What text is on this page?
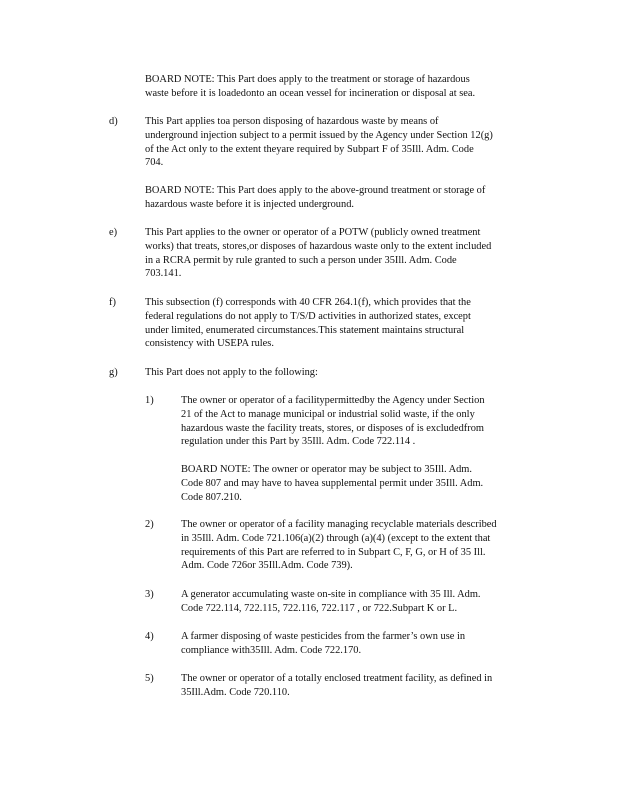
BOARD NOTE: This Part does apply to the treatment or storage of hazardous
waste before it is loadedonto an ocean vessel for incineration or disposal at sea.
d)	This Part applies toa person disposing of hazardous waste by means of
underground injection subject to a permit issued by the Agency under Section 12(g)
of the Act only to the extent theyare required by Subpart F of 35Ill. Adm. Code
704.
BOARD NOTE: This Part does apply to the above-ground treatment or storage of
hazardous waste before it is injected underground.
e)	This Part applies to the owner or operator of a POTW (publicly owned treatment
works) that treats, stores,or disposes of hazardous waste only to the extent included
in a RCRA permit by rule granted to such a person under 35Ill. Adm. Code
703.141.
f)	This subsection (f) corresponds with 40 CFR 264.1(f), which provides that the
federal regulations do not apply to T/S/D activities in authorized states, except
under limited, enumerated circumstances.This statement maintains structural
consistency with USEPA rules.
g)	This Part does not apply to the following:
1)	The owner or operator of a facilitypermittedby the Agency under Section
21 of the Act to manage municipal or industrial solid waste, if the only
hazardous waste the facility treats, stores, or disposes of is excludedfrom
regulation under this Part by 35Ill. Adm. Code 722.114 .
BOARD NOTE: The owner or operator may be subject to 35Ill. Adm.
Code 807 and may have to havea supplemental permit under 35Ill. Adm.
Code 807.210.
2)	The owner or operator of a facility managing recyclable materials described
in 35Ill. Adm. Code 721.106(a)(2) through (a)(4) (except to the extent that
requirements of this Part are referred to in Subpart C, F, G, or H of 35 Ill.
Adm. Code 726or 35Ill.Adm. Code 739).
3)	A generator accumulating waste on-site in compliance with 35 Ill. Adm.
Code 722.114, 722.115, 722.116, 722.117 , or 722.Subpart K or L.
4)	A farmer disposing of waste pesticides from the farmer’s own use in
compliance with35Ill. Adm. Code 722.170.
5)	The owner or operator of a totally enclosed treatment facility, as defined in
35Ill.Adm. Code 720.110.
